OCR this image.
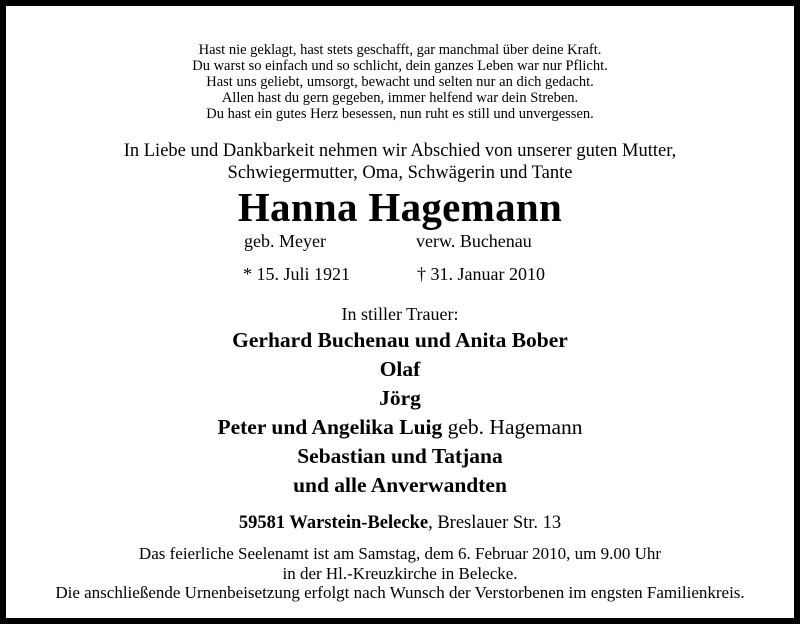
Hast nie geklagt, hast stets geschafft, gar manchmal über deine Kraft.
Du warst so einfach und so schlicht, dein ganzes Leben war nur Pflicht.
Hast uns geliebt, umsorgt, bewacht und selten nur an dich gedacht.
Allen hast du gern gegeben, immer helfend war dein Streben.
Du hast ein gutes Herz besessen, nun ruht es still und unvergessen.
In Liebe und Dankbarkeit nehmen wir Abschied von unserer guten Mutter,
Schwiegermutter, Oma, Schwägerin und Tante
Hanna Hagemann
geb. Meyer	verw. Buchenau
* 15. Juli 1921	† 31. Januar 2010
In stiller Trauer:
Gerhard Buchenau und Anita Bober
Olaf
Jörg
Peter und Angelika Luig geb. Hagemann
Sebastian und Tatjana
und alle Anverwandten
59581 Warstein-Belecke, Breslauer Str. 13
Das feierliche Seelenamt ist am Samstag, dem 6. Februar 2010, um 9.00 Uhr
in der Hl.-Kreuzkirche in Belecke.
Die anschließende Urnenbeisetzung erfolgt nach Wunsch der Verstorbenen im engsten Familienkreis.
